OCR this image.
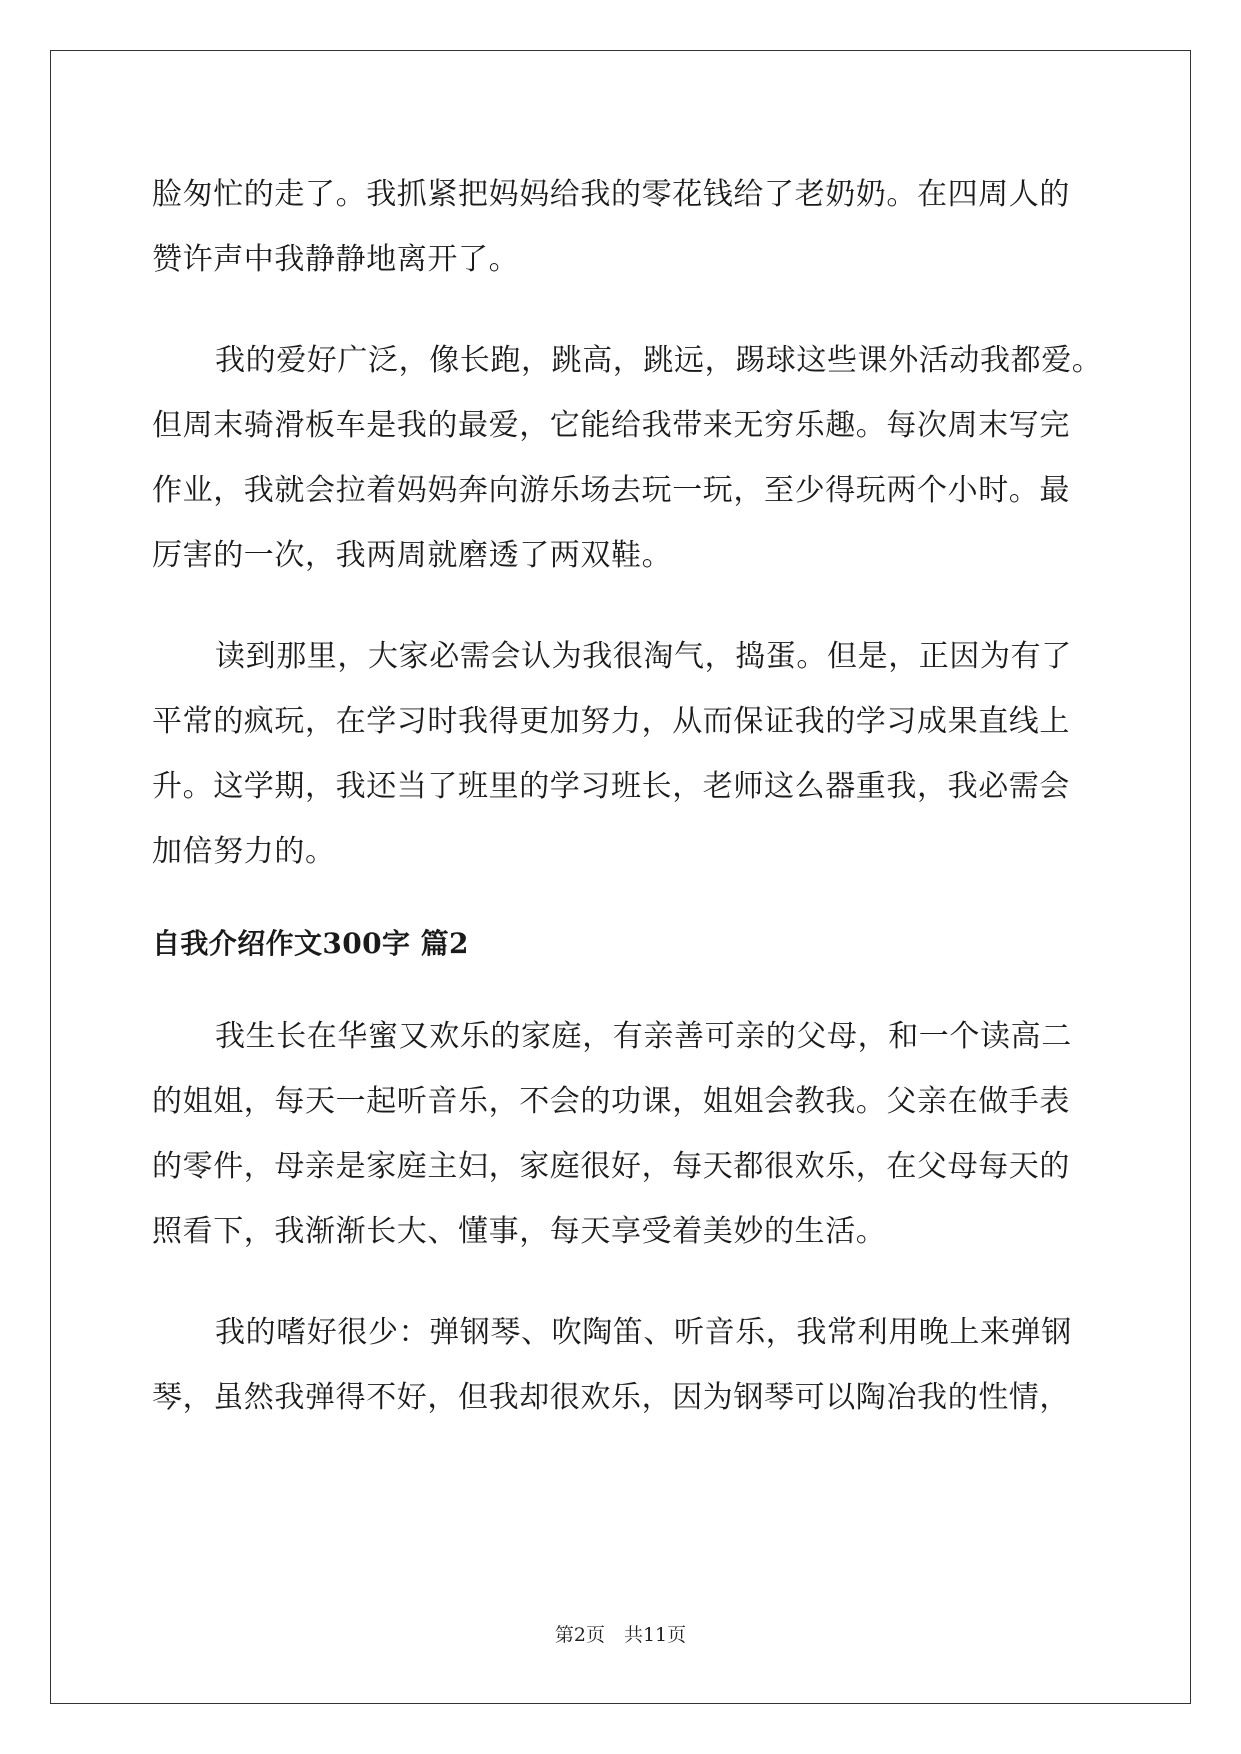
脸匆忙的走了。我抓紧把妈妈给我的零花钱给了老奶奶。在四周人的
赞许声中我静静地离开了。

我的爱好广泛，像长跑，跳高，跳远，踢球这些课外活动我都爱。
但周末骑滑板车是我的最爱，它能给我带来无穷乐趣。每次周末写完
作业，我就会拉着妈妈奔向游乐场去玩一玩，至少得玩两个小时。最
厉害的一次，我两周就磨透了两双鞋。

读到那里，大家必需会认为我很淘气，捣蛋。但是，正因为有了
平常的疯玩，在学习时我得更加努力，从而保证我的学习成果直线上
升。这学期，我还当了班里的学习班长，老师这么器重我，我必需会
加倍努力的。

自我介绍作文300字 篇2

我生长在华蜜又欢乐的家庭，有亲善可亲的父母，和一个读高二
的姐姐，每天一起听音乐，不会的功课，姐姐会教我。父亲在做手表
的零件，母亲是家庭主妇，家庭很好，每天都很欢乐，在父母每天的
照看下，我渐渐长大、懂事，每天享受着美妙的生活。

我的嗜好很少：弹钢琴、吹陶笛、听音乐，我常利用晚上来弹钢
琴，虽然我弹得不好，但我却很欢乐，因为钢琴可以陶冶我的性情，

第2页　共11页
